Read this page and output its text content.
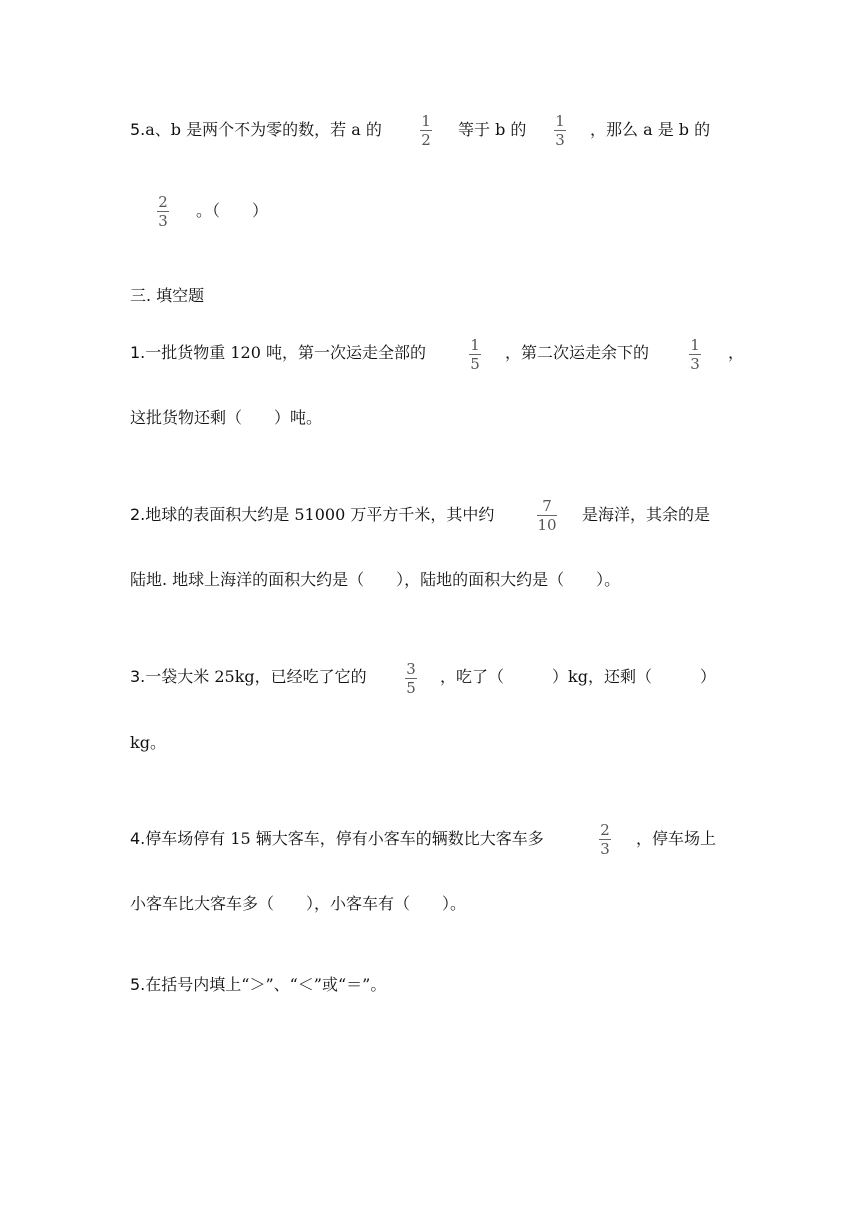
5.a、b 是两个不为零的数，若 a 的	1
2
等于 b 的 1
3
，那么 a 是 b 的
2
3
。（　　）
三. 填空题
1.一批货物重 120 吨，第一次运走全部的	1
5
，第二次运走余下的	1
3
，
这批货物还剩（　　）吨。
2.地球的表面积大约是 51000 万平方千米，其中约	7
10
是海洋，其余的是
陆地. 地球上海洋的面积大约是（　　），陆地的面积大约是（　　）。
3.一袋大米 25kg，已经吃了它的	3
5
，吃了（　　　）kg，还剩（　　　）
kg。
4.停车场停有 15 辆大客车，停有小客车的辆数比大客车多	2
3
，停车场上
小客车比大客车多（　　），小客车有（　　）。
5.在括号内填上“＞”、“＜”或“＝”。
